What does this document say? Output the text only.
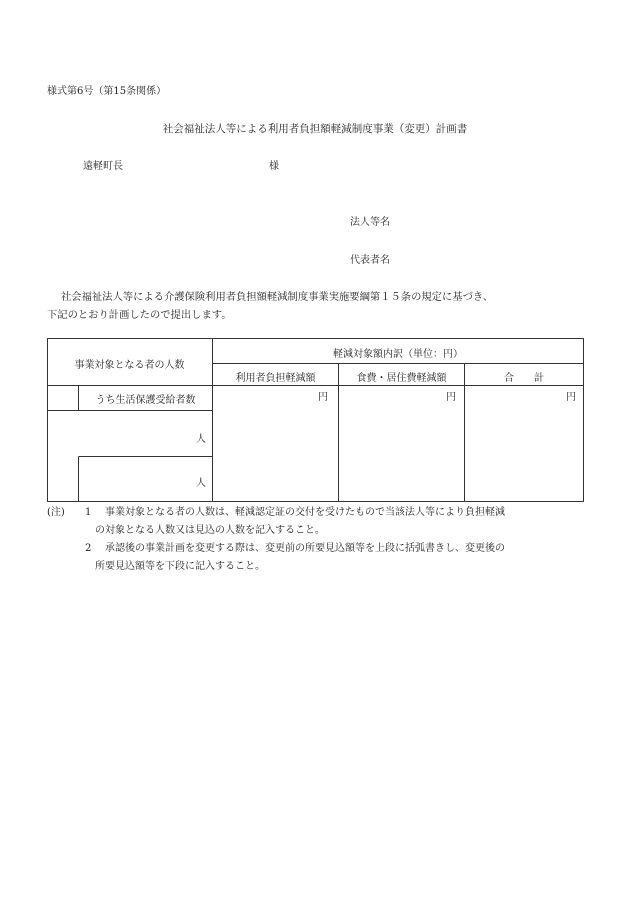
様式第6号（第15条関係）
社会福祉法人等による利用者負担額軽減制度事業（変更）計画書
遠軽町長	様
法人等名
代表者名
社会福祉法人等による介護保険利用者負担額軽減制度事業実施要綱第１５条の規定に基づき、
下記のとおり計画したので提出します。
事業対象となる者の人数
軽減対象額内訳（単位：円）
利用者負担軽減額	食費・居住費軽減額	合　　計
うち生活保護受給者数	円	円	円
人
人
(注) 1 事業対象となる者の人数は、軽減認定証の交付を受けたもので当該法人等により負担軽減
の対象となる人数又は見込の人数を記入すること。
2 承認後の事業計画を変更する際は、変更前の所要見込額等を上段に括弧書きし、変更後の
所要見込額等を下段に記入すること。
